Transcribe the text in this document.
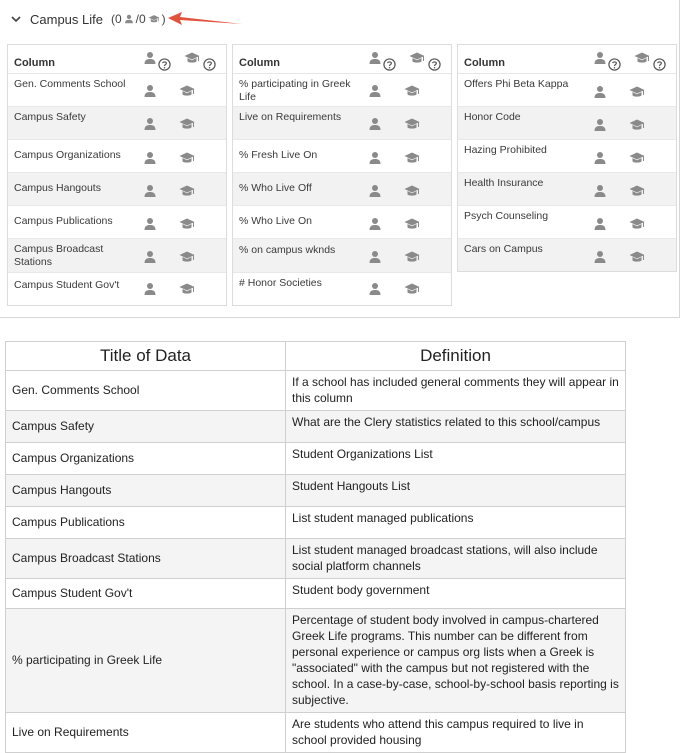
Campus Life (0 /0 )
Column
Gen. Comments School
Campus Safety
Campus Organizations
Campus Hangouts
Campus Publications
Campus Broadcast Stations
Campus Student Gov't
Column
% participating in Greek Life
Live on Requirements
% Fresh Live On
% Who Live Off
% Who Live On
% on campus wknds
# Honor Societies
Column
Offers Phi Beta Kappa
Honor Code
Hazing Prohibited
Health Insurance
Psych Counseling
Cars on Campus
Title of Data	Definition
Gen. Comments School	If a school has included general comments they will appear in this column
Campus Safety	What are the Clery statistics related to this school/campus
Campus Organizations	Student Organizations List
Campus Hangouts	Student Hangouts List
Campus Publications	List student managed publications
Campus Broadcast Stations	List student managed broadcast stations, will also include social platform channels
Campus Student Gov't	Student body government
% participating in Greek Life	Percentage of student body involved in campus-chartered Greek Life programs. This number can be different from personal experience or campus org lists when a Greek is "associated" with the campus but not registered with the school. In a case-by-case, school-by-school basis reporting is subjective.
Live on Requirements	Are students who attend this campus required to live in school provided housing
